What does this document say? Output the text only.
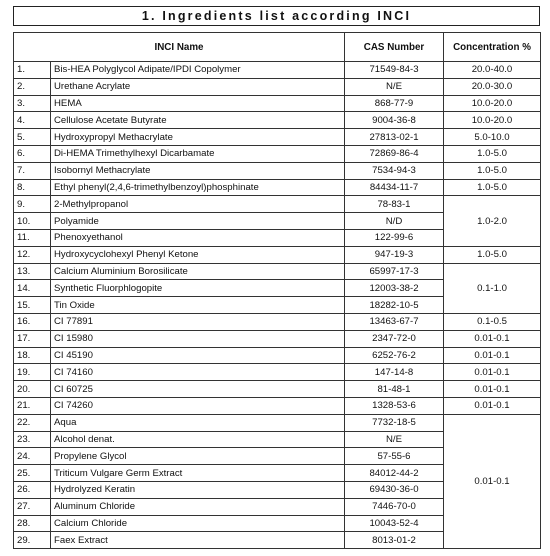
1. Ingredients list according INCI
INCI Name		CAS Number	Concentration %
1.	Bis-HEA Polyglycol Adipate/IPDI Copolymer	71549-84-3	20.0-40.0
2.	Urethane Acrylate	N/E	20.0-30.0
3.	HEMA	868-77-9	10.0-20.0
4.	Cellulose Acetate Butyrate	9004-36-8	10.0-20.0
5.	Hydroxypropyl Methacrylate	27813-02-1	5.0-10.0
6.	Di-HEMA Trimethylhexyl Dicarbamate	72869-86-4	1.0-5.0
7.	Isobornyl Methacrylate	7534-94-3	1.0-5.0
8.	Ethyl phenyl(2,4,6-trimethylbenzoyl)phosphinate	84434-11-7	1.0-5.0
9.	2-Methylpropanol	78-83-1	1.0-2.0
10.	Polyamide	N/D	
11.	Phenoxyethanol	122-99-6	
12.	Hydroxycyclohexyl Phenyl Ketone	947-19-3	1.0-5.0
13.	Calcium Aluminium Borosilicate	65997-17-3	0.1-1.0
14.	Synthetic Fluorphlogopite	12003-38-2	
15.	Tin Oxide	18282-10-5	
16.	CI 77891	13463-67-7	0.1-0.5
17.	CI 15980	2347-72-0	0.01-0.1
18.	CI 45190	6252-76-2	0.01-0.1
19.	CI 74160	147-14-8	0.01-0.1
20.	CI 60725	81-48-1	0.01-0.1
21.	CI 74260	1328-53-6	0.01-0.1
22.	Aqua	7732-18-5	0.01-0.1
23.	Alcohol denat.	N/E	
24.	Propylene Glycol	57-55-6	
25.	Triticum Vulgare Germ Extract	84012-44-2	
26.	Hydrolyzed Keratin	69430-36-0	
27.	Aluminum Chloride	7446-70-0	
28.	Calcium Chloride	10043-52-4	
29.	Faex Extract	8013-01-2	
